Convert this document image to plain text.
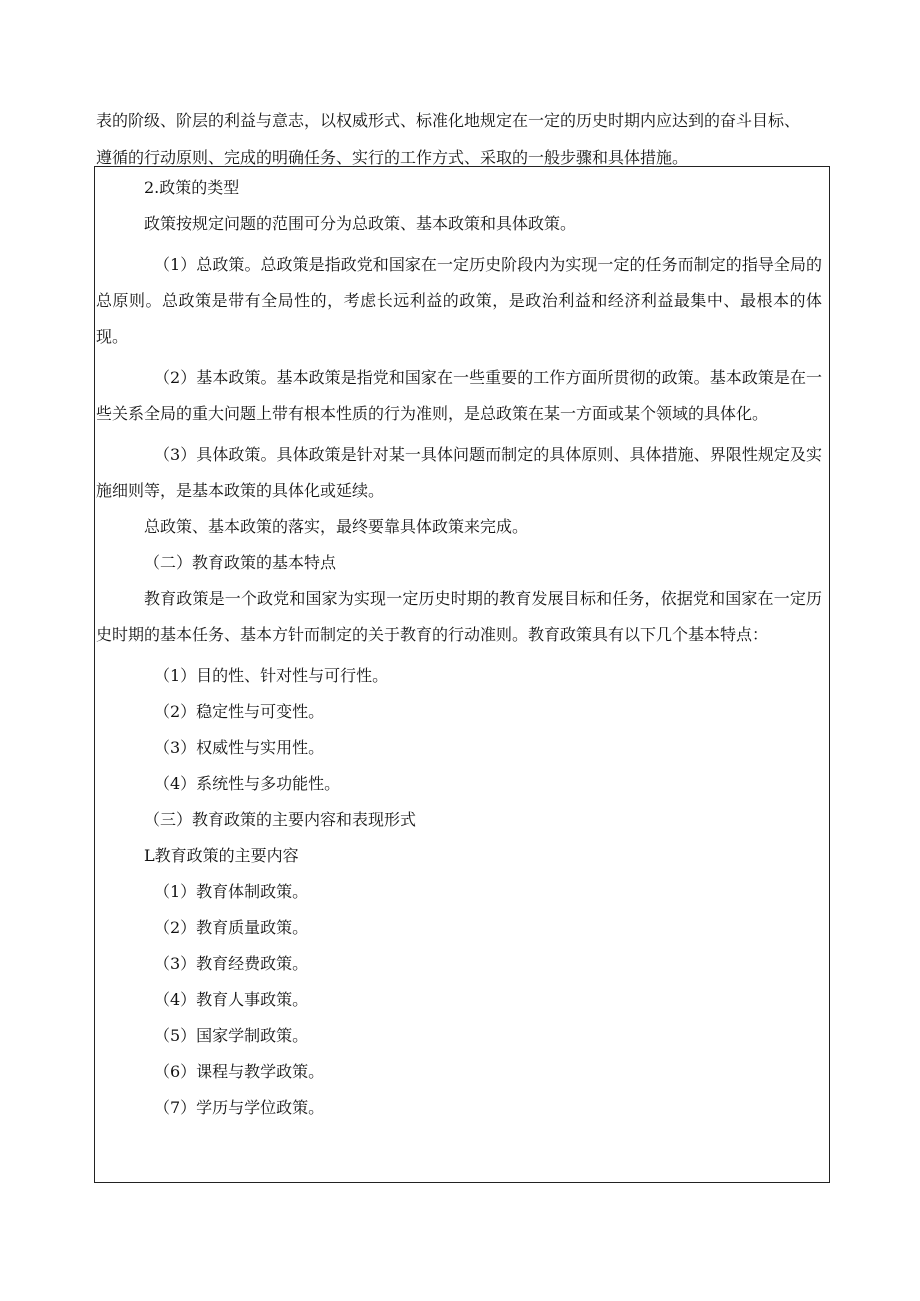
表的阶级、阶层的利益与意志，以权威形式、标准化地规定在一定的历史时期内应达到的奋斗目标、

遵循的行动原则、完成的明确任务、实行的工作方式、采取的一般步骤和具体措施。

2.政策的类型

政策按规定问题的范围可分为总政策、基本政策和具体政策。

（1）总政策。总政策是指政党和国家在一定历史阶段内为实现一定的任务而制定的指导全局的总原则。总政策是带有全局性的，考虑长远利益的政策，是政治利益和经济利益最集中、最根本的体现。

（2）基本政策。基本政策是指党和国家在一些重要的工作方面所贯彻的政策。基本政策是在一些关系全局的重大问题上带有根本性质的行为准则，是总政策在某一方面或某个领域的具体化。

（3）具体政策。具体政策是针对某一具体问题而制定的具体原则、具体措施、界限性规定及实施细则等，是基本政策的具体化或延续。

总政策、基本政策的落实，最终要靠具体政策来完成。

（二）教育政策的基本特点

教育政策是一个政党和国家为实现一定历史时期的教育发展目标和任务，依据党和国家在一定历史时期的基本任务、基本方针而制定的关于教育的行动准则。教育政策具有以下几个基本特点：

（1）目的性、针对性与可行性。

（2）稳定性与可变性。

（3）权威性与实用性。

（4）系统性与多功能性。

（三）教育政策的主要内容和表现形式

L教育政策的主要内容

（1）教育体制政策。

（2）教育质量政策。

（3）教育经费政策。

（4）教育人事政策。

（5）国家学制政策。

（6）课程与教学政策。

（7）学历与学位政策。
